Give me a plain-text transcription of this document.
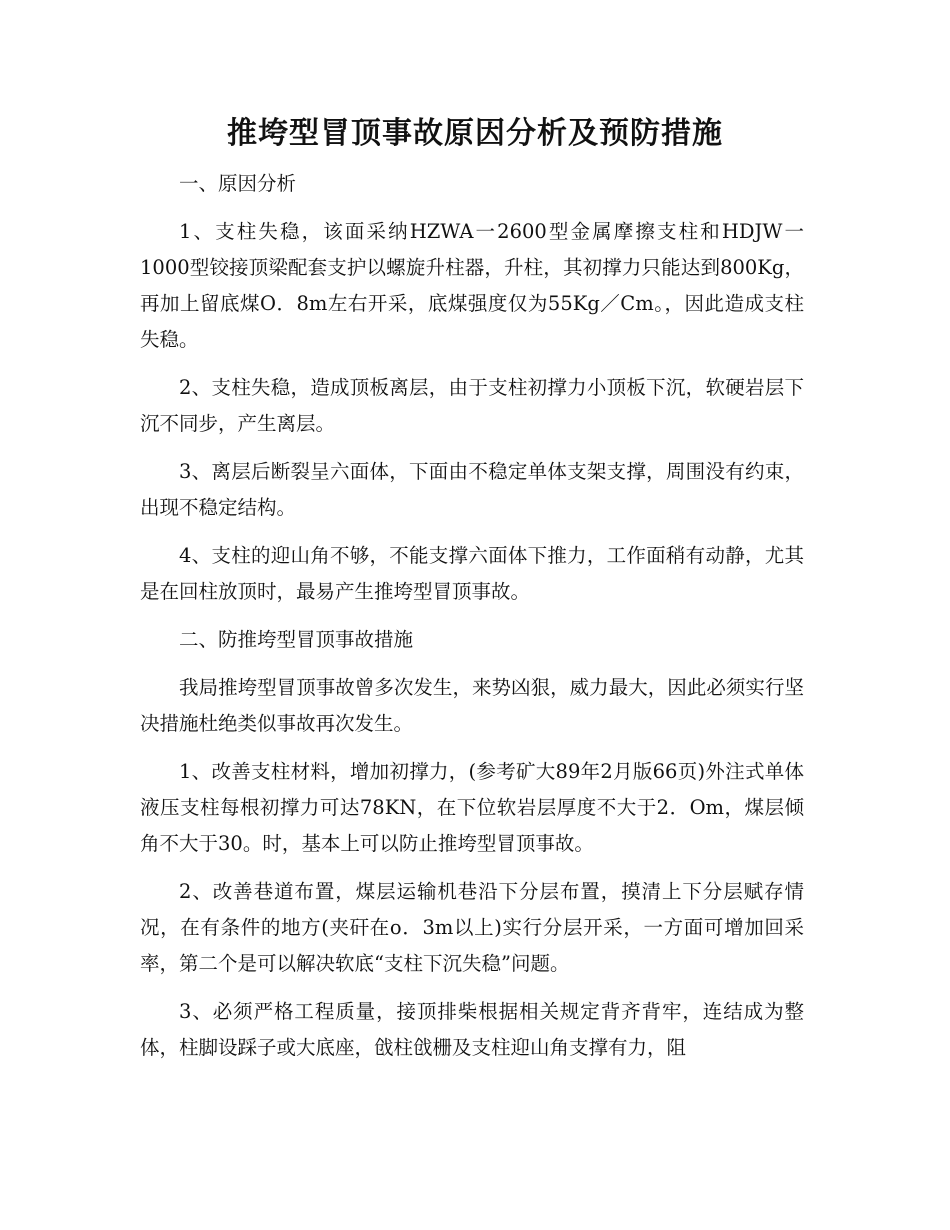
推垮型冒顶事故原因分析及预防措施

一、原因分析

1、支柱失稳，该面采纳HZWA一2600型金属摩擦支柱和HDJW一1000型铰接顶梁配套支护以螺旋升柱器，升柱，其初撑力只能达到800Kg，再加上留底煤O．8m左右开采，底煤强度仅为55Kg／Cm。，因此造成支柱失稳。

2、支柱失稳，造成顶板离层，由于支柱初撑力小顶板下沉，软硬岩层下沉不同步，产生离层。

3、离层后断裂呈六面体，下面由不稳定单体支架支撑，周围没有约束，出现不稳定结构。

4、支柱的迎山角不够，不能支撑六面体下推力，工作面稍有动静，尤其是在回柱放顶时，最易产生推垮型冒顶事故。

二、防推垮型冒顶事故措施

我局推垮型冒顶事故曾多次发生，来势凶狠，威力最大，因此必须实行坚决措施杜绝类似事故再次发生。

1、改善支柱材料，增加初撑力，(参考矿大89年2月版66页)外注式单体液压支柱每根初撑力可达78KN，在下位软岩层厚度不大于2．Om，煤层倾角不大于30。时，基本上可以防止推垮型冒顶事故。

2、改善巷道布置，煤层运输机巷沿下分层布置，摸清上下分层赋存情况，在有条件的地方(夹矸在o．3m以上)实行分层开采，一方面可增加回采率，第二个是可以解决软底“支柱下沉失稳”问题。

3、必须严格工程质量，接顶排柴根据相关规定背齐背牢，连结成为整体，柱脚设踩子或大底座，戗柱戗栅及支柱迎山角支撑有力，阻
